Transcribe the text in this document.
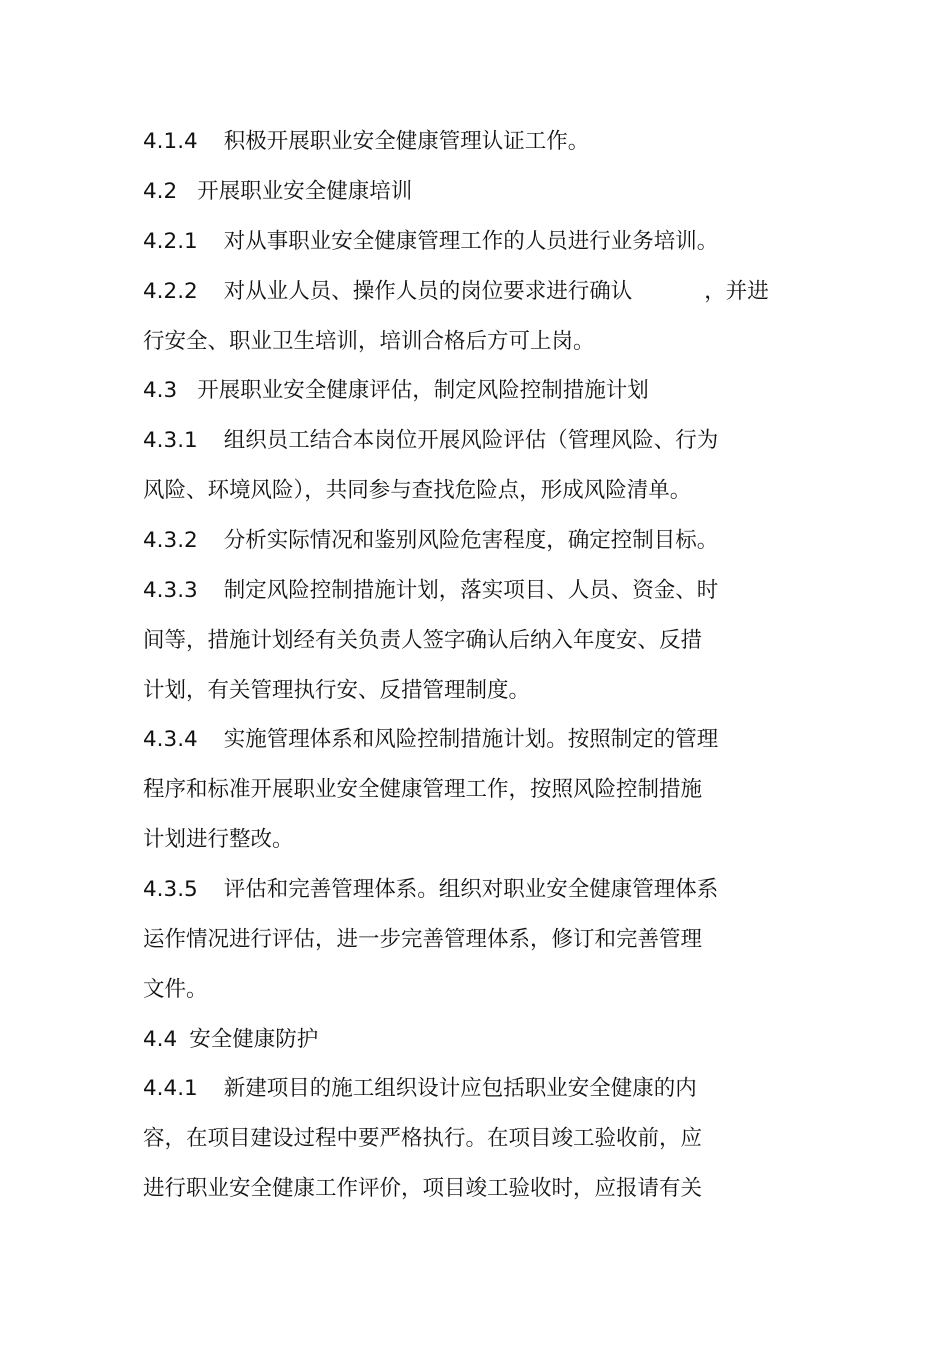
4.1.4 积极开展职业安全健康管理认证工作。
4.2 开展职业安全健康培训
4.2.1 对从事职业安全健康管理工作的人员进行业务培训。
4.2.2 对从业人员、操作人员的岗位要求进行确认	，并进
行安全、职业卫生培训，培训合格后方可上岗。
4.3 开展职业安全健康评估，制定风险控制措施计划
4.3.1 组织员工结合本岗位开展风险评估（管理风险、行为
风险、环境风险），共同参与查找危险点，形成风险清单。
4.3.2 分析实际情况和鉴别风险危害程度，确定控制目标。
4.3.3 制定风险控制措施计划，落实项目、人员、资金、时
间等，措施计划经有关负责人签字确认后纳入年度安、反措
计划，有关管理执行安、反措管理制度。
4.3.4 实施管理体系和风险控制措施计划。按照制定的管理
程序和标准开展职业安全健康管理工作，按照风险控制措施
计划进行整改。
4.3.5 评估和完善管理体系。组织对职业安全健康管理体系
运作情况进行评估，进一步完善管理体系，修订和完善管理
文件。
4.4 安全健康防护
4.4.1 新建项目的施工组织设计应包括职业安全健康的内
容，在项目建设过程中要严格执行。在项目竣工验收前，应
进行职业安全健康工作评价，项目竣工验收时，应报请有关
